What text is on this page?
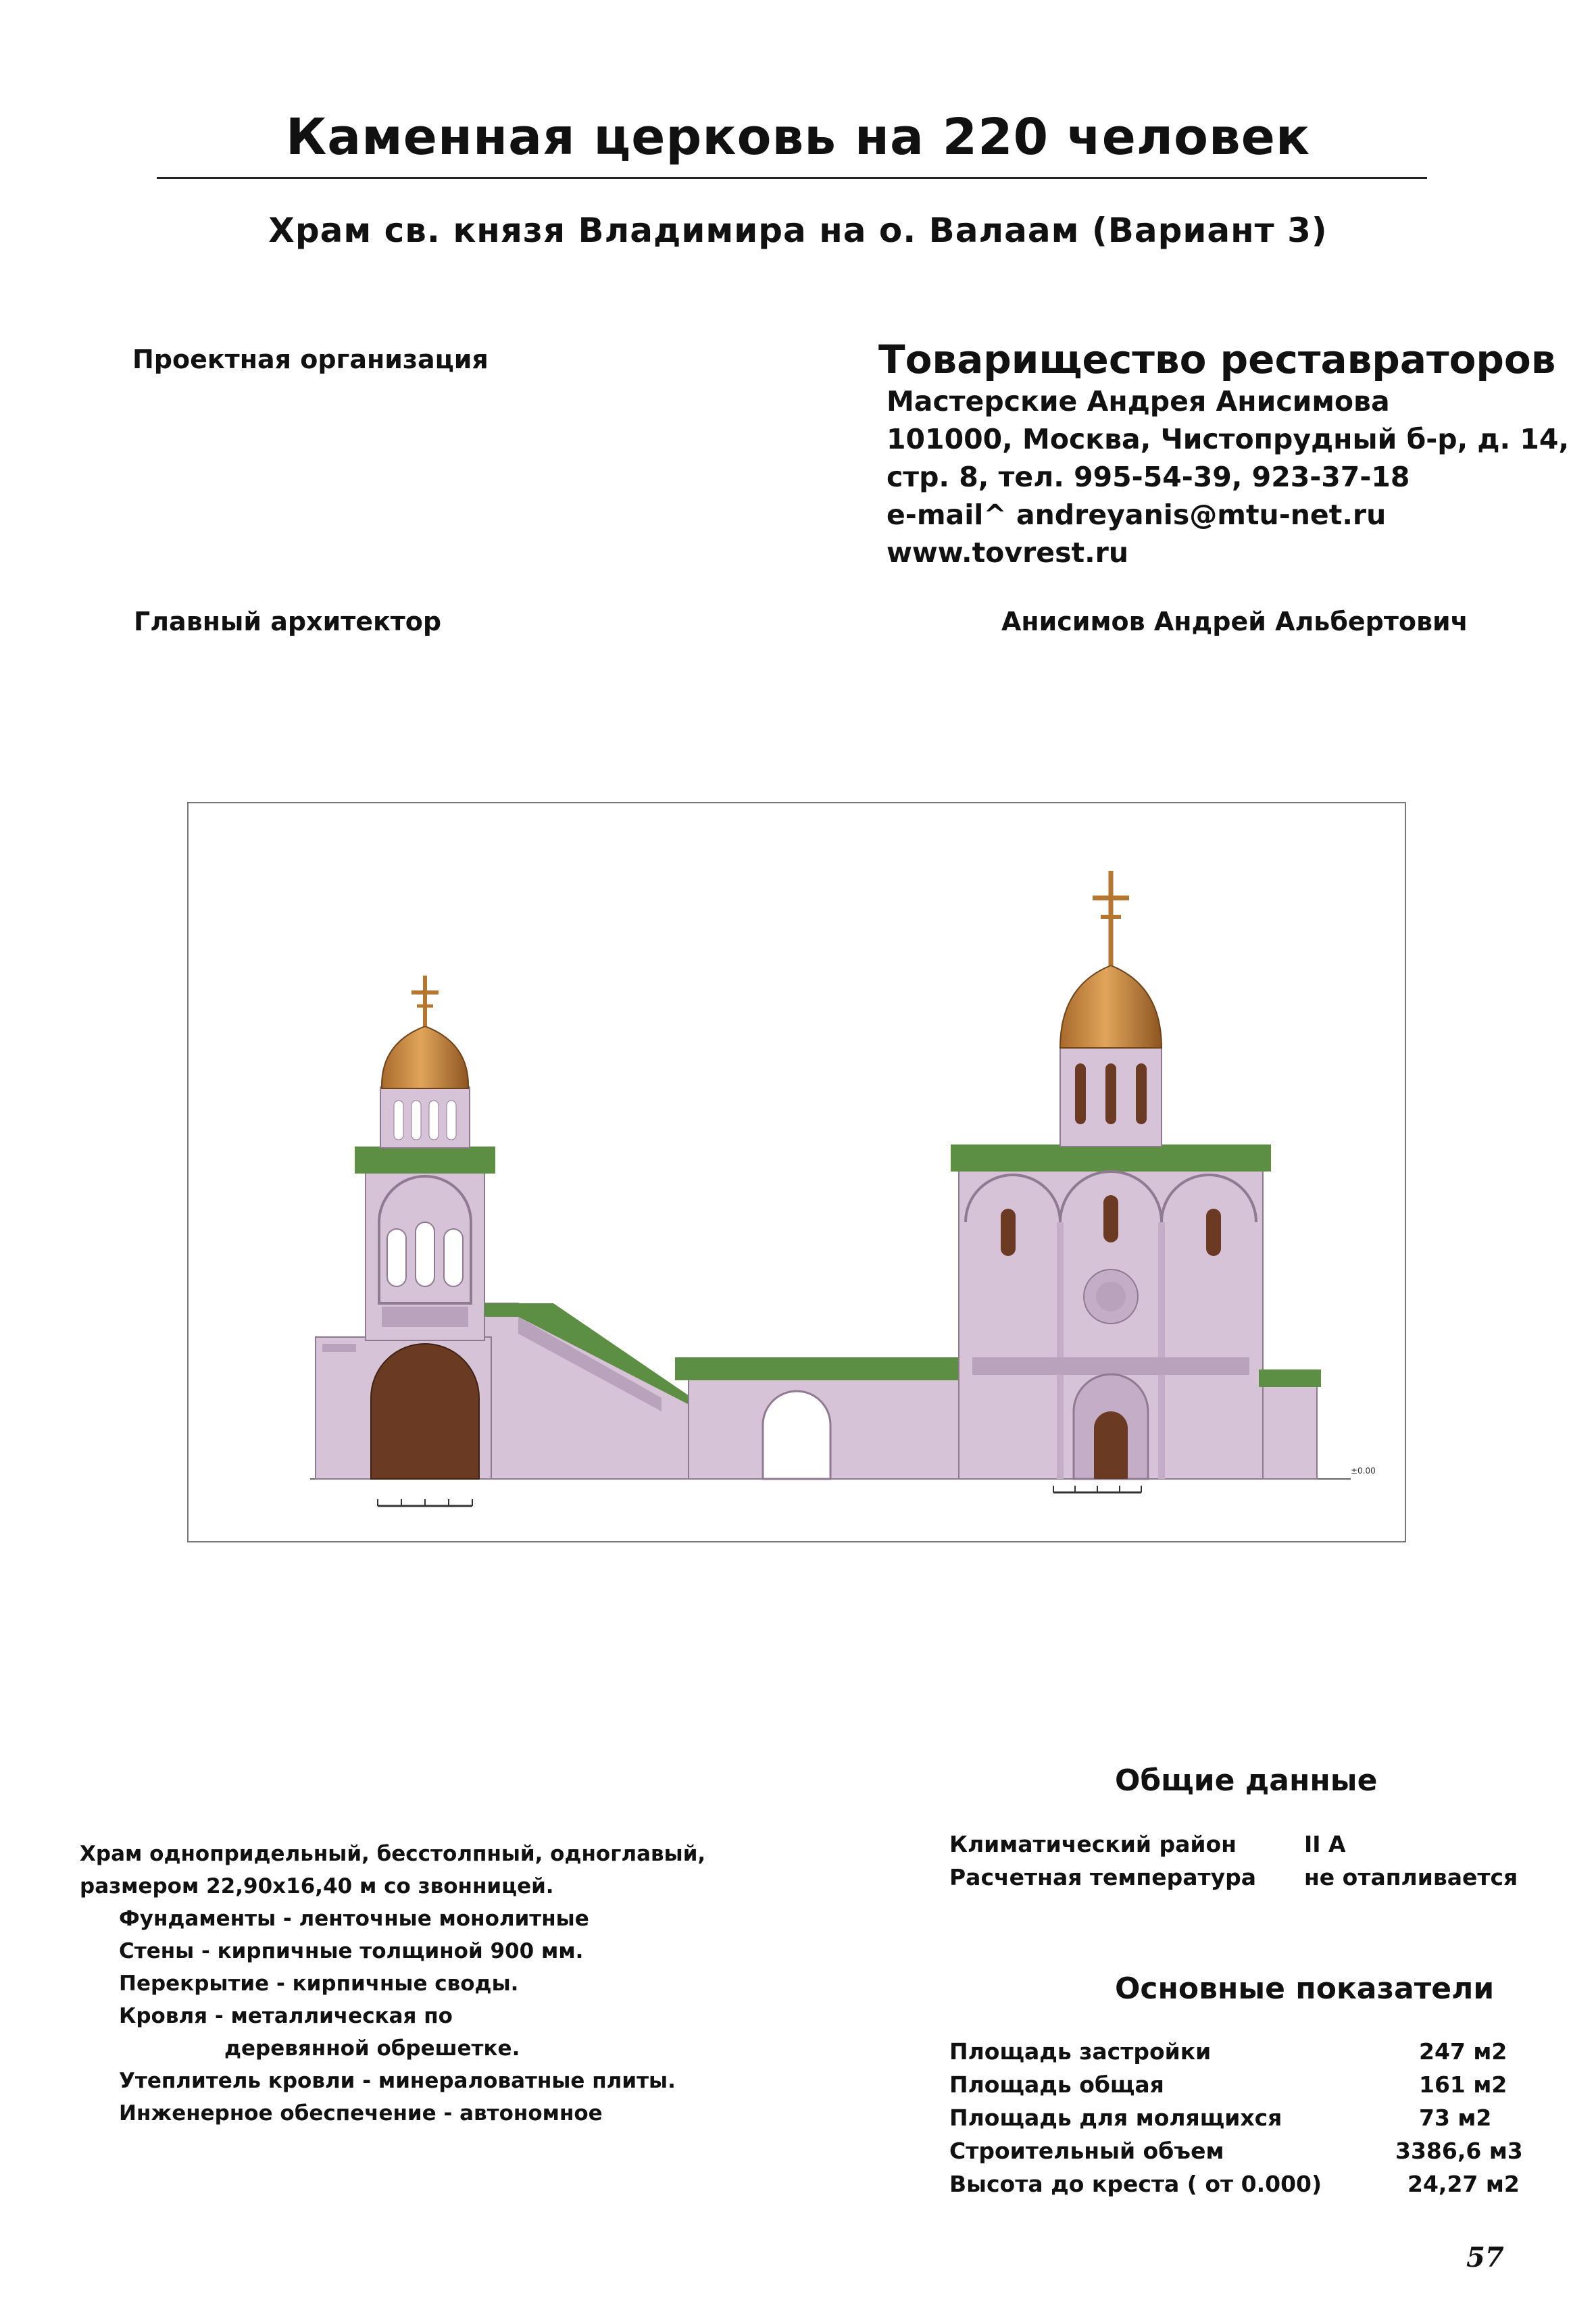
Каменная церковь на 220 человек
Храм св. князя Владимира на о. Валаам (Вариант 3)
Проектная организация	Товарищество реставраторов
Мастерские Андрея Анисимова
101000, Москва, Чистопрудный б-р, д. 14,
стр. 8, тел. 995-54-39, 923-37-18
e-mail^ andreyanis@mtu-net.ru
www.tovrest.ru
Главный архитектор	Анисимов Андрей Альбертович
±0.00
Храм однопридельный, бесстолпный, одноглавый,
размером 22,90х16,40 м со звонницей.
Фундаменты - ленточные монолитные
Стены - кирпичные толщиной 900 мм.
Перекрытие - кирпичные своды.
Кровля - металлическая по
деревянной обрешетке.
Утеплитель кровли - минераловатные плиты.
Инженерное обеспечение - автономное
Общие данные
Климатический район	II А
Расчетная температура не отапливается
Основные показатели
Площадь застройки	247 м2
Площадь общая	161 м2
Площадь для молящихся	73 м2
Строительный объем	3386,6 м3
Высота до креста ( от 0.000)	24,27 м2
57
